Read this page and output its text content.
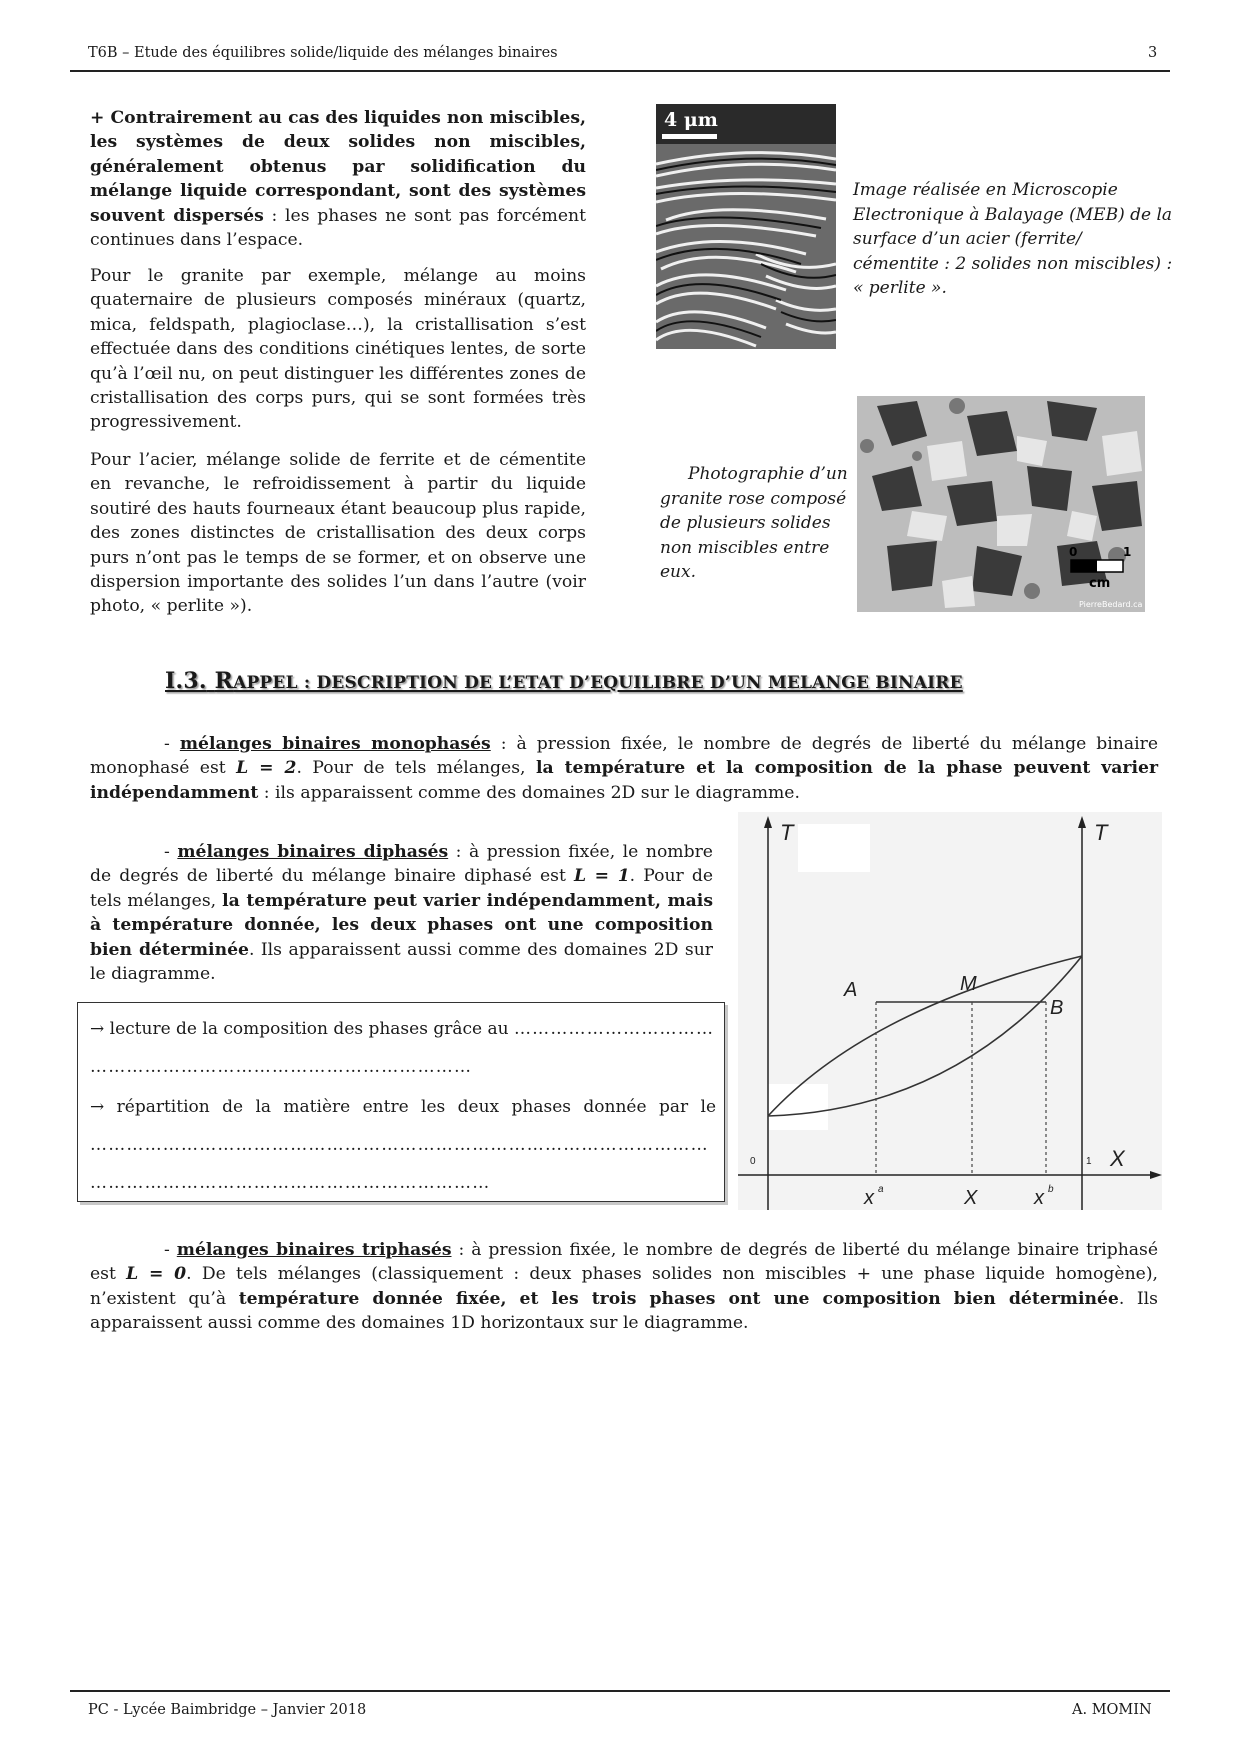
T6B – Etude des équilibres solide/liquide des mélanges binaires	3
+ Contrairement au cas des liquides non miscibles, les systèmes de deux solides non miscibles, généralement obtenus par solidification du mélange liquide correspondant, sont des systèmes souvent dispersés : les phases ne sont pas forcément continues dans l’espace.
Pour le granite par exemple, mélange au moins quaternaire de plusieurs composés minéraux (quartz, mica, feldspath, plagioclase…), la cristallisation s’est effectuée dans des conditions cinétiques lentes, de sorte qu’à l’œil nu, on peut distinguer les différentes zones de cristallisation des corps purs, qui se sont formées très progressivement.
Pour l’acier, mélange solide de ferrite et de cémentite en revanche, le refroidissement à partir du liquide soutiré des hauts fourneaux étant beaucoup plus rapide, des zones distinctes de cristallisation des deux corps purs n’ont pas le temps de se former, et on observe une dispersion importante des solides l’un dans l’autre (voir photo, « perlite »).
4 μm
Image réalisée en Microscopie Electronique à Balayage (MEB) de la surface d’un acier (ferrite/ cémentite : 2 solides non miscibles) : « perlite ».
Photographie d’un granite rose composé de plusieurs solides non miscibles entre eux.
0	1
cm
PierreBedard.ca
I.3. RAPPEL : DESCRIPTION DE L’ETAT D’EQUILIBRE D’UN MELANGE BINAIRE
- mélanges binaires monophasés : à pression fixée, le nombre de degrés de liberté du mélange binaire monophasé est L = 2. Pour de tels mélanges, la température et la composition de la phase peuvent varier indépendamment : ils apparaissent comme des domaines 2D sur le diagramme.
- mélanges binaires diphasés : à pression fixée, le nombre de degrés de liberté du mélange binaire diphasé est L = 1. Pour de tels mélanges, la température peut varier indépendamment, mais à température donnée, les deux phases ont une composition bien déterminée. Ils apparaissent aussi comme des domaines 2D sur le diagramme.
→ lecture de la composition des phases grâce au ……………………………
………………………………………………………
→ répartition de la matière entre les deux phases donnée par le
…………………………………………………………………………………………
…………………………………………………………
T	T
X
A	M
B
x a	X	x b
0	1
- mélanges binaires triphasés : à pression fixée, le nombre de degrés de liberté du mélange binaire triphasé est L = 0. De tels mélanges (classiquement : deux phases solides non miscibles + une phase liquide homogène), n’existent qu’à température donnée fixée, et les trois phases ont une composition bien déterminée. Ils apparaissent aussi comme des domaines 1D horizontaux sur le diagramme.
PC - Lycée Baimbridge – Janvier 2018	A. MOMIN
